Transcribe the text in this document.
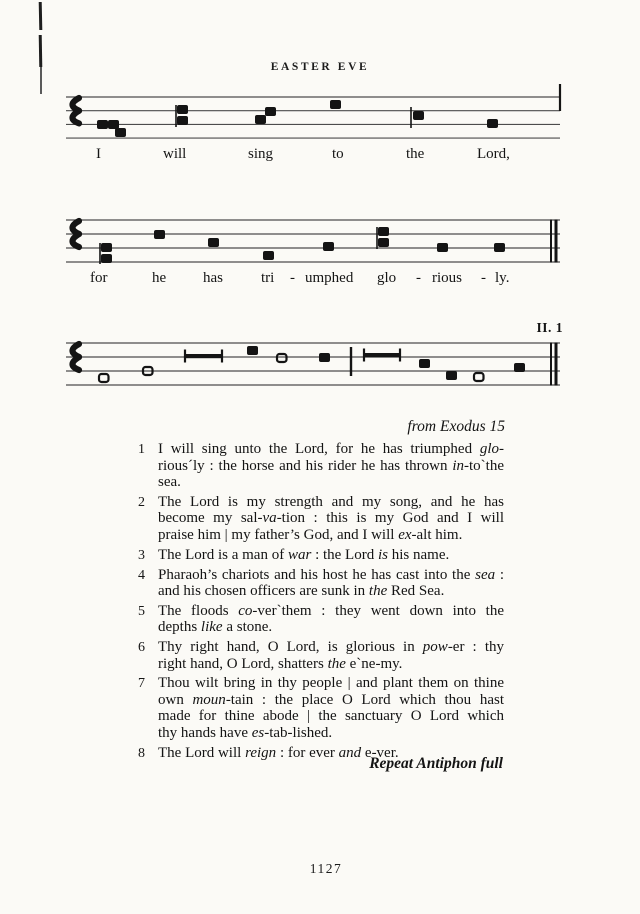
EASTER EVE
II. 1
from Exodus 15
1 I will sing unto the Lord, for he has triumphed glo-
rious´ly : the horse and his rider he has thrown in-to`the
sea.
2 The Lord is my strength and my song, and he has
become my sal-va-tion : this is my God and I will
praise him | my father’s God, and I will ex-alt him.
3 The Lord is a man of war : the Lord is his name.
4 Pharaoh’s chariots and his host he has cast into the sea :
and his chosen officers are sunk in the Red Sea.
5 The floods co-ver`them : they went down into the
depths like a stone.
6 Thy right hand, O Lord, is glorious in pow-er : thy
right hand, O Lord, shatters the e`ne-my.
7 Thou wilt bring in thy people | and plant them on thine
own moun-tain : the place O Lord which thou hast
made for thine abode | the sanctuary O Lord which
thy hands have es-tab-lished.
8 The Lord will reign : for ever and e-ver.
Repeat Antiphon full
1127
I	will	sing	to	the	Lord,
for	he has	tri - umphed glo - rious - ly.
